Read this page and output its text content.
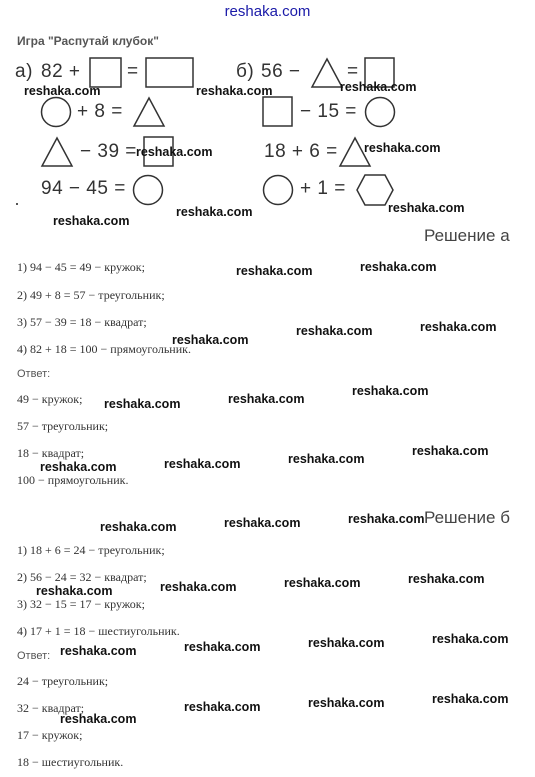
reshaka.com
Игра "Распутай клубок"
а) 82 + =
+ 8 =
− 39 =
94 − 45 =
б) 56 − =
− 15 =
18 + 6 =
+ 1 =
Решение а
Решение б
1) 94 − 45 = 49 − кружок;
2) 49 + 8 = 57 − треугольник;
3) 57 − 39 = 18 − квадрат;
4) 82 + 18 = 100 − прямоугольник.
Ответ:
49 − кружок;
57 − треугольник;
18 − квадрат;
100 − прямоугольник.
1) 18 + 6 = 24 − треугольник;
2) 56 − 24 = 32 − квадрат;
3) 32 − 15 = 17 − кружок;
4) 17 + 1 = 18 − шестиугольник.
Ответ:
24 − треугольник;
32 − квадрат;
17 − кружок;
18 − шестиугольник.
reshaka.com	reshaka.com	reshaka.com
reshaka.com	reshaka.com
reshaka.com
reshaka.com	reshaka.com
reshaka.com	reshaka.com
reshaka.com	reshaka.com
reshaka.com
reshaka.com
reshaka.com
reshaka.com
reshaka.com
reshaka.com
reshaka.com
reshaka.com
reshaka.com	reshaka.com	reshaka.com
reshaka.com
reshaka.com
reshaka.com
reshaka.com
reshaka.com
reshaka.com
reshaka.com
reshaka.com
reshaka.com
reshaka.com
reshaka.com
reshaka.com
